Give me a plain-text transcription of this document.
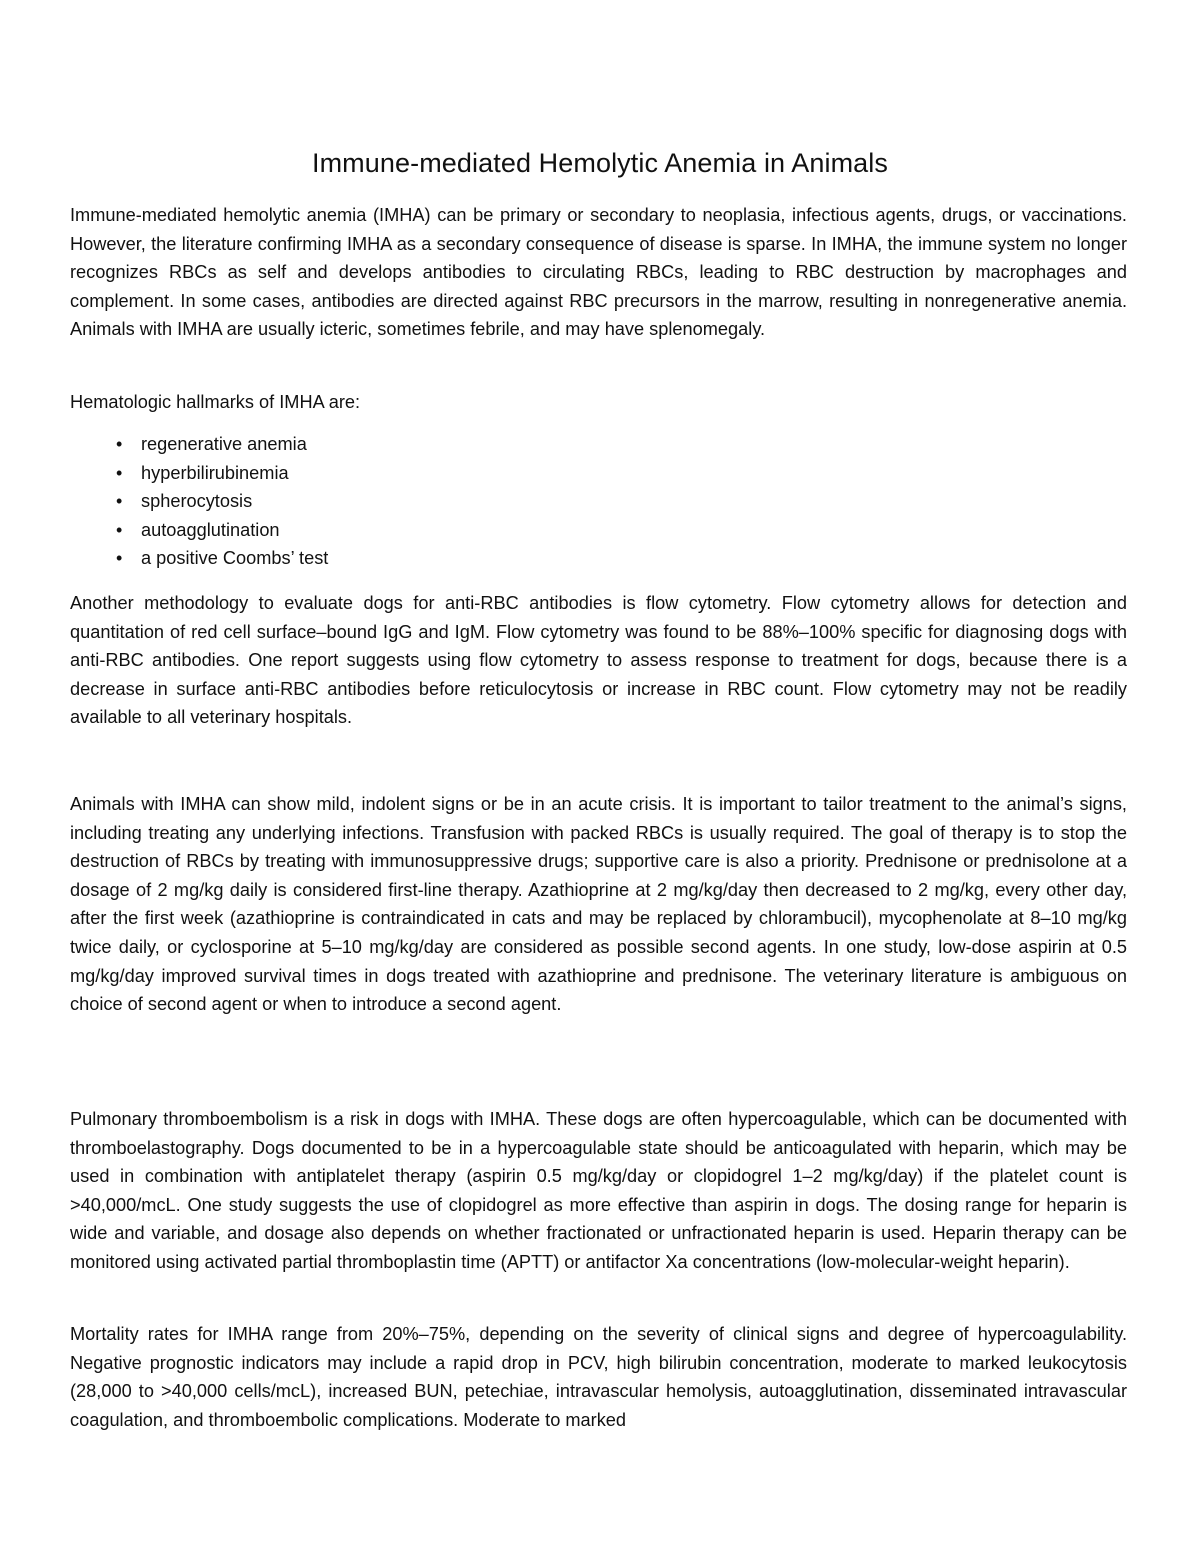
Immune-mediated Hemolytic Anemia in Animals

Immune-mediated hemolytic anemia (IMHA) can be primary or secondary to neoplasia, infectious agents, drugs, or vaccinations. However, the literature confirming IMHA as a secondary consequence of disease is sparse. In IMHA, the immune system no longer recognizes RBCs as self and develops antibodies to circulating RBCs, leading to RBC destruction by macrophages and complement. In some cases, antibodies are directed against RBC precursors in the marrow, resulting in nonregenerative anemia. Animals with IMHA are usually icteric, sometimes febrile, and may have splenomegaly.

Hematologic hallmarks of IMHA are:

• regenerative anemia
• hyperbilirubinemia
• spherocytosis
• autoagglutination
• a positive Coombs’ test

Another methodology to evaluate dogs for anti-RBC antibodies is flow cytometry. Flow cytometry allows for detection and quantitation of red cell surface–bound IgG and IgM. Flow cytometry was found to be 88%–100% specific for diagnosing dogs with anti-RBC antibodies. One report suggests using flow cytometry to assess response to treatment for dogs, because there is a decrease in surface anti-RBC antibodies before reticulocytosis or increase in RBC count. Flow cytometry may not be readily available to all veterinary hospitals.

Animals with IMHA can show mild, indolent signs or be in an acute crisis. It is important to tailor treatment to the animal’s signs, including treating any underlying infections. Transfusion with packed RBCs is usually required. The goal of therapy is to stop the destruction of RBCs by treating with immunosuppressive drugs; supportive care is also a priority. Prednisone or prednisolone at a dosage of 2 mg/kg daily is considered first-line therapy. Azathioprine at 2 mg/kg/day then decreased to 2 mg/kg, every other day, after the first week (azathioprine is contraindicated in cats and may be replaced by chlorambucil), mycophenolate at 8–10 mg/kg twice daily, or cyclosporine at 5–10 mg/kg/day are considered as possible second agents. In one study, low-dose aspirin at 0.5 mg/kg/day improved survival times in dogs treated with azathioprine and prednisone. The veterinary literature is ambiguous on choice of second agent or when to introduce a second agent.

Pulmonary thromboembolism is a risk in dogs with IMHA. These dogs are often hypercoagulable, which can be documented with thromboelastography. Dogs documented to be in a hypercoagulable state should be anticoagulated with heparin, which may be used in combination with antiplatelet therapy (aspirin 0.5 mg/kg/day or clopidogrel 1–2 mg/kg/day) if the platelet count is >40,000/mcL. One study suggests the use of clopidogrel as more effective than aspirin in dogs. The dosing range for heparin is wide and variable, and dosage also depends on whether fractionated or unfractionated heparin is used. Heparin therapy can be monitored using activated partial thromboplastin time (APTT) or antifactor Xa concentrations (low-molecular-weight heparin).

Mortality rates for IMHA range from 20%–75%, depending on the severity of clinical signs and degree of hypercoagulability. Negative prognostic indicators may include a rapid drop in PCV, high bilirubin concentration, moderate to marked leukocytosis (28,000 to >40,000 cells/mcL), increased BUN, petechiae, intravascular hemolysis, autoagglutination, disseminated intravascular coagulation, and thromboembolic complications. Moderate to marked
